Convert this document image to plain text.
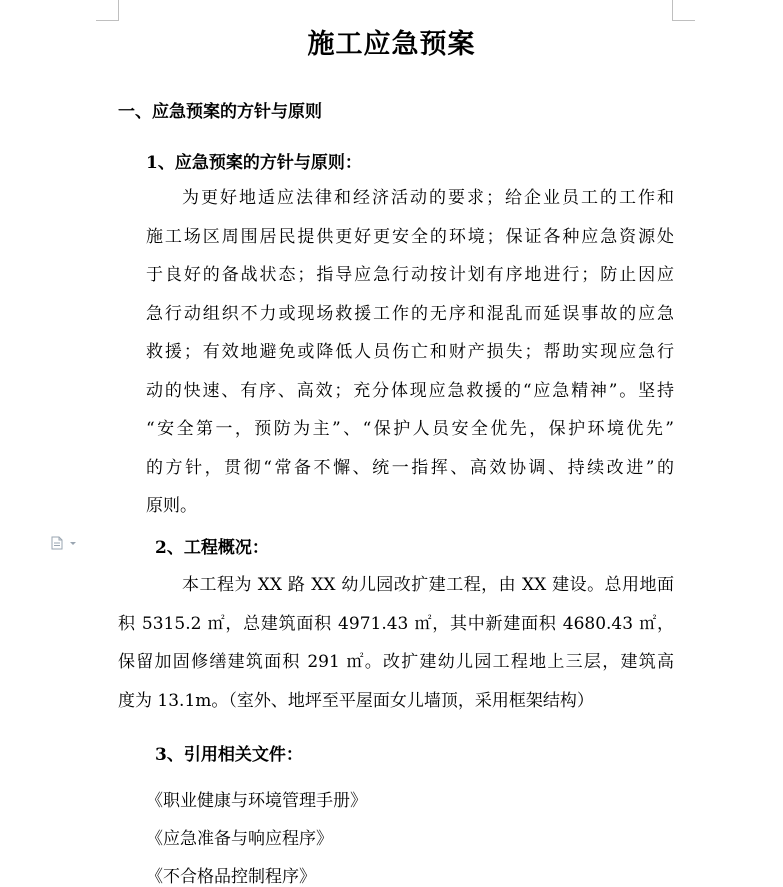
施工应急预案
一、应急预案的方针与原则
1、应急预案的方针与原则：
为更好地适应法律和经济活动的要求；给企业员工的工作和
施工场区周围居民提供更好更安全的环境；保证各种应急资源处
于良好的备战状态；指导应急行动按计划有序地进行；防止因应
急行动组织不力或现场救援工作的无序和混乱而延误事故的应急
救援；有效地避免或降低人员伤亡和财产损失；帮助实现应急行
动的快速、有序、高效；充分体现应急救援的“应急精神”。坚持
“安全第一，预防为主”、“保护人员安全优先，保护环境优先”
的方针，贯彻“常备不懈、统一指挥、高效协调、持续改进”的
原则。
2、工程概况：
本工程为 XX 路 XX 幼儿园改扩建工程，由 XX 建设。总用地面
积 5315.2 ㎡，总建筑面积 4971.43 ㎡，其中新建面积 4680.43 ㎡，
保留加固修缮建筑面积 291 ㎡。改扩建幼儿园工程地上三层，建筑高
度为 13.1m。（室外、地坪至平屋面女儿墙顶，采用框架结构）
3、引用相关文件：
《职业健康与环境管理手册》
《应急准备与响应程序》
《不合格品控制程序》
